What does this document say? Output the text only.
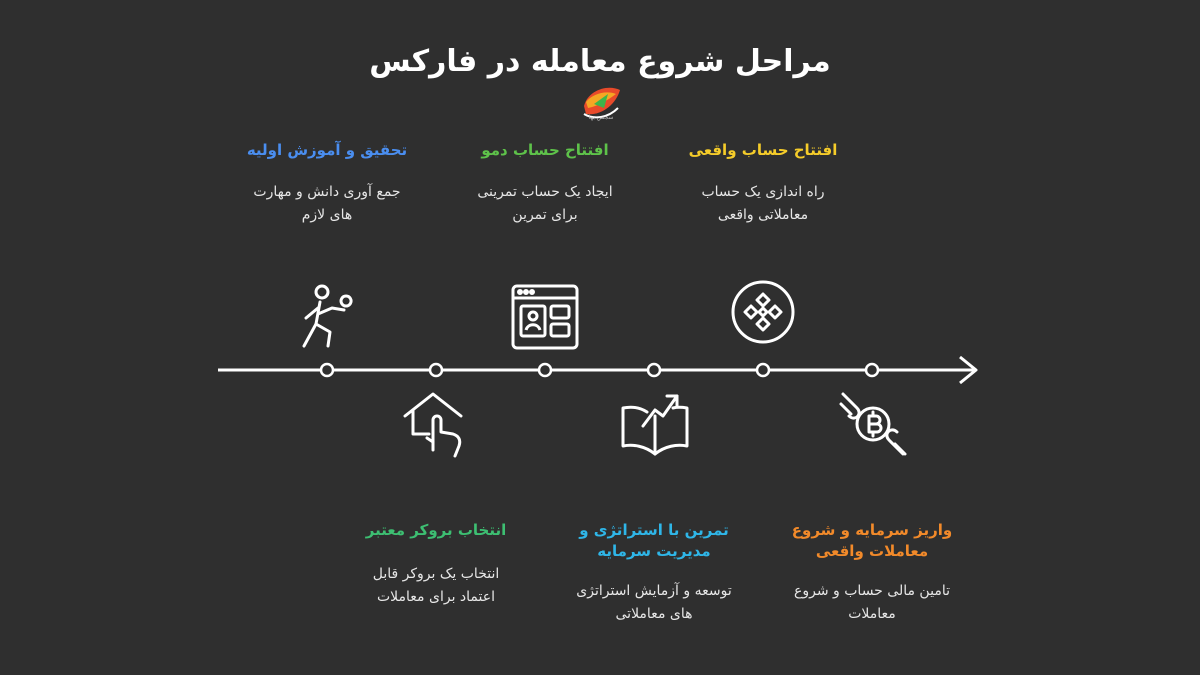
مراحل شروع معامله در فارکس
سجس بها
تحقیق و آموزش اولیه
جمع آوری دانش و مهارت
های لازم
افتتاح حساب دمو
ایجاد یک حساب تمرینی
برای تمرین
افتتاح حساب واقعی
راه اندازی یک حساب
معاملاتی واقعی
انتخاب بروکر معتبر
انتخاب یک بروکر قابل
اعتماد برای معاملات
تمرین با استراتژی و
مدیریت سرمایه
توسعه و آزمایش استراتژی
های معاملاتی
واریز سرمایه و شروع
معاملات واقعی
تامین مالی حساب و شروع
معاملات
